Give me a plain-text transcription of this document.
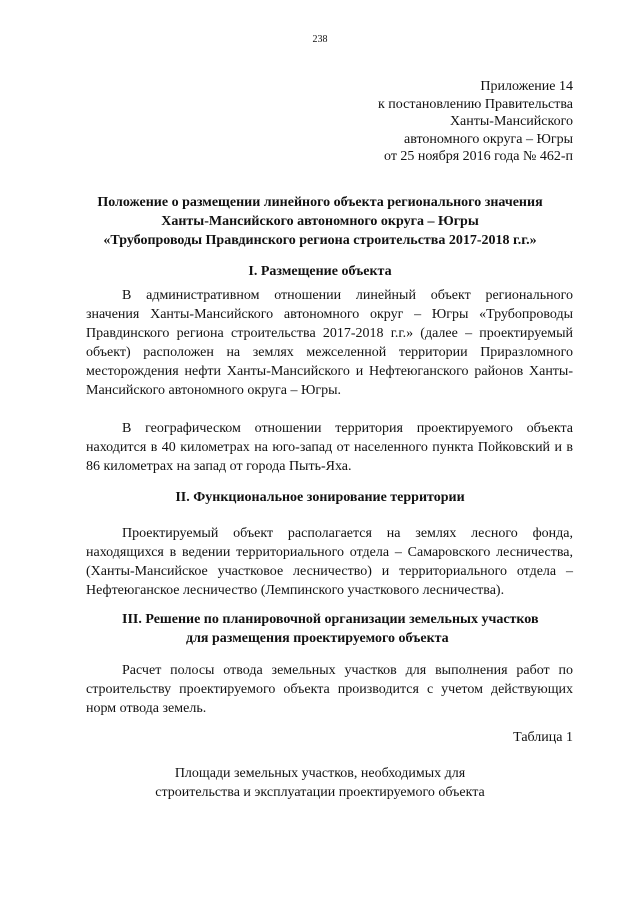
238
Приложение 14
к постановлению Правительства
Ханты-Мансийского
автономного округа – Югры
от 25 ноября 2016 года № 462-п
Положение о размещении линейного объекта регионального значения
Ханты-Мансийского автономного округа – Югры
«Трубопроводы Правдинского региона строительства 2017-2018 г.г.»
I. Размещение объекта

В административном отношении линейный объект регионального значения Ханты-Мансийского автономного округ – Югры «Трубопроводы Правдинского региона строительства 2017-2018 г.г.» (далее – проектируемый объект) расположен на землях межселенной территории Приразломного месторождения нефти Ханты-Мансийского и Нефтеюганского районов Ханты-Мансийского автономного округа – Югры.

В географическом отношении территория проектируемого объекта находится в 40 километрах на юго-запад от населенного пункта Пойковский и в 86 километрах на запад от города Пыть-Яха.

II. Функциональное зонирование территории

Проектируемый объект располагается на землях лесного фонда, находящихся в ведении территориального отдела – Самаровского лесничества, (Ханты-Мансийское участковое лесничество) и территориального отдела – Нефтеюганское лесничество (Лемпинского участкового лесничества).

III. Решение по планировочной организации земельных участков
для размещения проектируемого объекта

Расчет полосы отвода земельных участков для выполнения работ по строительству проектируемого объекта производится с учетом действующих норм отвода земель.

Таблица 1
Площади земельных участков, необходимых для
строительства и эксплуатации проектируемого объекта
